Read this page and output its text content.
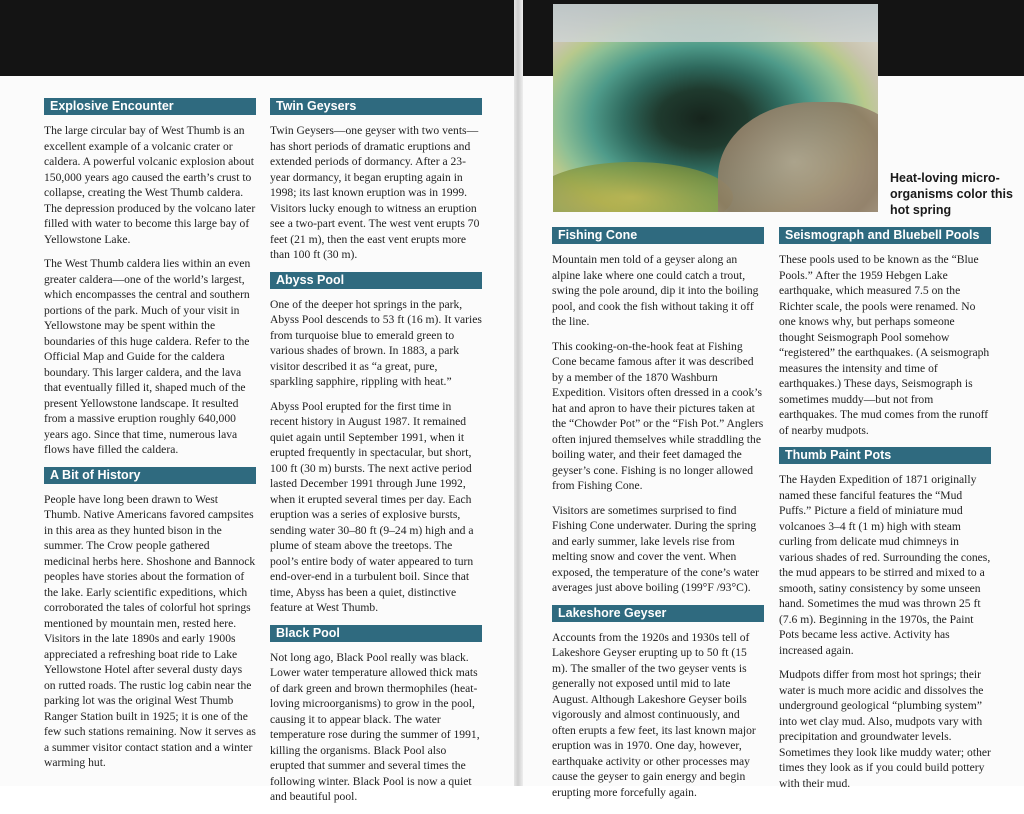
Heat-loving micro-organisms color this hot spring
Explosive Encounter

The large circular bay of West Thumb is an excellent example of a volcanic crater or caldera. A powerful volcanic explosion about 150,000 years ago caused the earth’s crust to collapse, creating the West Thumb caldera. The depression produced by the volcano later filled with water to become this large bay of Yellowstone Lake.

The West Thumb caldera lies within an even greater caldera—one of the world’s largest, which encompasses the central and southern portions of the park. Much of your visit in Yellowstone may be spent within the boundaries of this huge caldera. Refer to the Official Map and Guide for the caldera boundary. This larger caldera, and the lava that eventually filled it, shaped much of the present Yellowstone landscape. It resulted from a massive eruption roughly 640,000 years ago. Since that time, numerous lava flows have filled the caldera.

A Bit of History

People have long been drawn to West Thumb. Native Americans favored campsites in this area as they hunted bison in the summer. The Crow people gathered medicinal herbs here. Shoshone and Bannock peoples have stories about the formation of the lake. Early scientific expeditions, which corroborated the tales of colorful hot springs mentioned by mountain men, rested here. Visitors in the late 1890s and early 1900s appreciated a refreshing boat ride to Lake Yellowstone Hotel after several dusty days on rutted roads. The rustic log cabin near the parking lot was the original West Thumb Ranger Station built in 1925; it is one of the few such stations remaining. Now it serves as a summer visitor contact station and a winter warming hut.

Twin Geysers

Twin Geysers—one geyser with two vents—has short periods of dramatic eruptions and extended periods of dormancy. After a 23-year dormancy, it began erupting again in 1998; its last known eruption was in 1999. Visitors lucky enough to witness an eruption see a two-part event. The west vent erupts 70 feet (21 m), then the east vent erupts more than 100 ft (30 m).

Abyss Pool

One of the deeper hot springs in the park, Abyss Pool descends to 53 ft (16 m). It varies from turquoise blue to emerald green to various shades of brown. In 1883, a park visitor described it as “a great, pure, sparkling sapphire, rippling with heat.”

Abyss Pool erupted for the first time in recent history in August 1987. It remained quiet again until September 1991, when it erupted frequently in spectacular, but short, 100 ft (30 m) bursts. The next active period lasted December 1991 through June 1992, when it erupted several times per day. Each eruption was a series of explosive bursts, sending water 30–80 ft (9–24 m) high and a plume of steam above the treetops. The pool’s entire body of water appeared to turn end-over-end in a turbulent boil. Since that time, Abyss has been a quiet, distinctive feature at West Thumb.

Black Pool

Not long ago, Black Pool really was black. Lower water temperature allowed thick mats of dark green and brown thermophiles (heat-loving microorganisms) to grow in the pool, causing it to appear black. The water temperature rose during the summer of 1991, killing the organisms. Black Pool also erupted that summer and several times the following winter. Black Pool is now a quiet and beautiful pool.

Fishing Cone

Mountain men told of a geyser along an alpine lake where one could catch a trout, swing the pole around, dip it into the boiling pool, and cook the fish without taking it off the line.

This cooking-on-the-hook feat at Fishing Cone became famous after it was described by a member of the 1870 Washburn Expedition. Visitors often dressed in a cook’s hat and apron to have their pictures taken at the “Chowder Pot” or the “Fish Pot.” Anglers often injured themselves while straddling the boiling water, and their feet damaged the geyser’s cone. Fishing is no longer allowed from Fishing Cone.

Visitors are sometimes surprised to find Fishing Cone underwater. During the spring and early summer, lake levels rise from melting snow and cover the vent. When exposed, the temperature of the cone’s water averages just above boiling (199°F /93°C).

Lakeshore Geyser

Accounts from the 1920s and 1930s tell of Lakeshore Geyser erupting up to 50 ft (15 m). The smaller of the two geyser vents is generally not exposed until mid to late August. Although Lakeshore Geyser boils vigorously and almost continuously, and often erupts a few feet, its last known major eruption was in 1970. One day, however, earthquake activity or other processes may cause the geyser to gain energy and begin erupting more forcefully again.

Seismograph and Bluebell Pools

These pools used to be known as the “Blue Pools.” After the 1959 Hebgen Lake earthquake, which measured 7.5 on the Richter scale, the pools were renamed. No one knows why, but perhaps someone thought Seismograph Pool somehow “registered” the earthquakes. (A seismograph measures the intensity and time of earthquakes.) These days, Seismograph is sometimes muddy—but not from earthquakes. The mud comes from the runoff of nearby mudpots.

Thumb Paint Pots

The Hayden Expedition of 1871 originally named these fanciful features the “Mud Puffs.” Picture a field of miniature mud volcanoes 3–4 ft (1 m) high with steam curling from delicate mud chimneys in various shades of red. Surrounding the cones, the mud appears to be stirred and mixed to a smooth, satiny consistency by some unseen hand. Sometimes the mud was thrown 25 ft (7.6 m). Beginning in the 1970s, the Paint Pots became less active. Activity has increased again.

Mudpots differ from most hot springs; their water is much more acidic and dissolves the underground geological “plumbing system” into wet clay mud. Also, mudpots vary with precipitation and groundwater levels. Sometimes they look like muddy water; other times they look as if you could build pottery with their mud.
